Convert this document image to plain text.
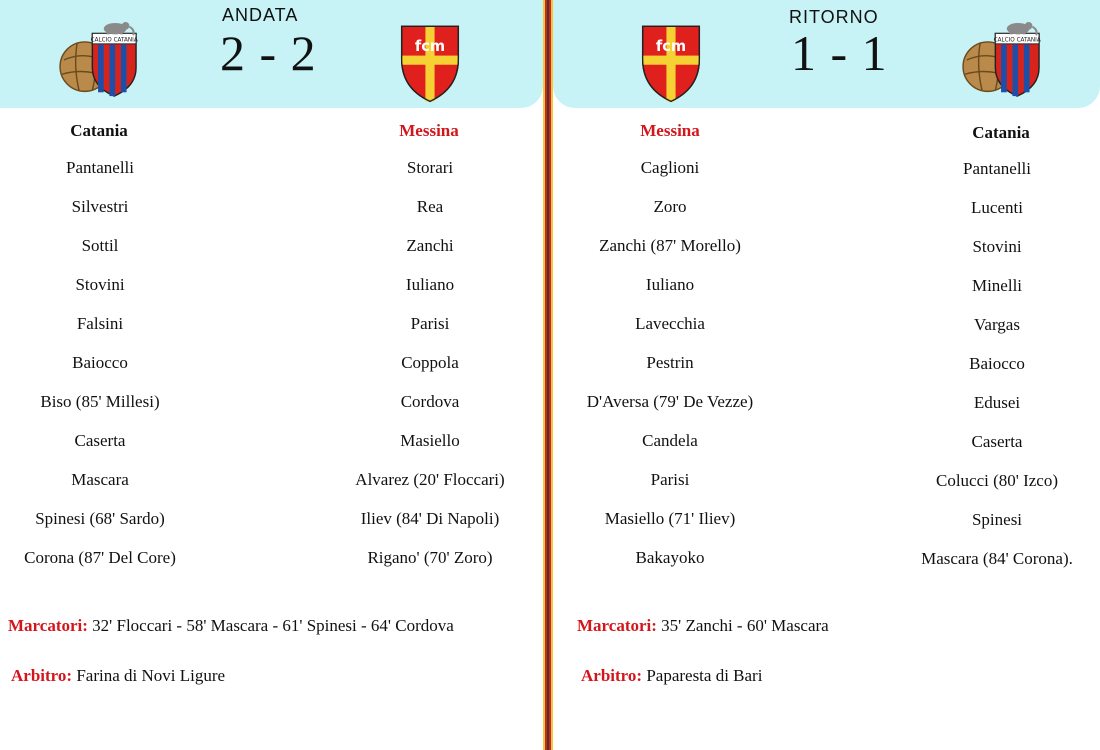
ANDATA
2 - 2
Catania	Messina
Pantanelli
Silvestri
Sottil
Stovini
Falsini
Baiocco
Biso (85' Millesi)
Caserta
Mascara
Spinesi (68' Sardo)
Corona (87' Del Core)
Storari
Rea
Zanchi
Iuliano
Parisi
Coppola
Cordova
Masiello
Alvarez (20' Floccari)
Iliev (84' Di Napoli)
Rigano' (70' Zoro)
Marcatori: 32' Floccari - 58' Mascara - 61' Spinesi - 64' Cordova
Arbitro: Farina di Novi Ligure
RITORNO
1 - 1
Messina	Catania
Caglioni
Zoro
Zanchi (87' Morello)
Iuliano
Lavecchia
Pestrin
D'Aversa (79' De Vezze)
Candela
Parisi
Masiello (71' Iliev)
Bakayoko
Pantanelli
Lucenti
Stovini
Minelli
Vargas
Baiocco
Edusei
Caserta
Colucci (80' Izco)
Spinesi
Mascara (84' Corona).
Marcatori: 35' Zanchi - 60' Mascara
Arbitro: Paparesta di Bari
